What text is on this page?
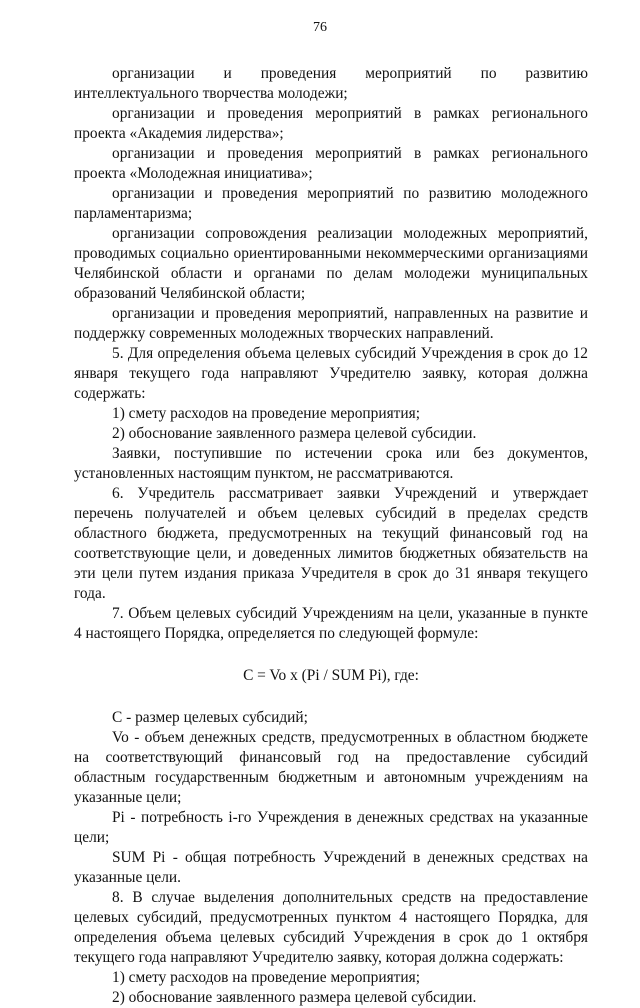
76

организации и проведения мероприятий по развитию интеллектуального творчества молодежи;

организации и проведения мероприятий в рамках регионального проекта «Академия лидерства»;

организации и проведения мероприятий в рамках регионального проекта «Молодежная инициатива»;

организации и проведения мероприятий по развитию молодежного парламентаризма;

организации сопровождения реализации молодежных мероприятий, проводимых социально ориентированными некоммерческими организациями Челябинской области и органами по делам молодежи муниципальных образований Челябинской области;

организации и проведения мероприятий, направленных на развитие и поддержку современных молодежных творческих направлений.

5. Для определения объема целевых субсидий Учреждения в срок до 12 января текущего года направляют Учредителю заявку, которая должна содержать:

1) смету расходов на проведение мероприятия;

2) обоснование заявленного размера целевой субсидии.

Заявки, поступившие по истечении срока или без документов, установленных настоящим пунктом, не рассматриваются.

6. Учредитель рассматривает заявки Учреждений и утверждает перечень получателей и объем целевых субсидий в пределах средств областного бюджета, предусмотренных на текущий финансовый год на соответствующие цели, и доведенных лимитов бюджетных обязательств на эти цели путем издания приказа Учредителя в срок до 31 января текущего года.

7. Объем целевых субсидий Учреждениям на цели, указанные в пункте 4 настоящего Порядка, определяется по следующей формуле:

C = Vo x (Pi / SUM Pi), где:

C - размер целевых субсидий;

Vo - объем денежных средств, предусмотренных в областном бюджете на соответствующий финансовый год на предоставление субсидий областным государственным бюджетным и автономным учреждениям на указанные цели;

Pi - потребность i-го Учреждения в денежных средствах на указанные цели;

SUM Pi - общая потребность Учреждений в денежных средствах на указанные цели.

8. В случае выделения дополнительных средств на предоставление целевых субсидий, предусмотренных пунктом 4 настоящего Порядка, для определения объема целевых субсидий Учреждения в срок до 1 октября текущего года направляют Учредителю заявку, которая должна содержать:

1) смету расходов на проведение мероприятия;

2) обоснование заявленного размера целевой субсидии.
